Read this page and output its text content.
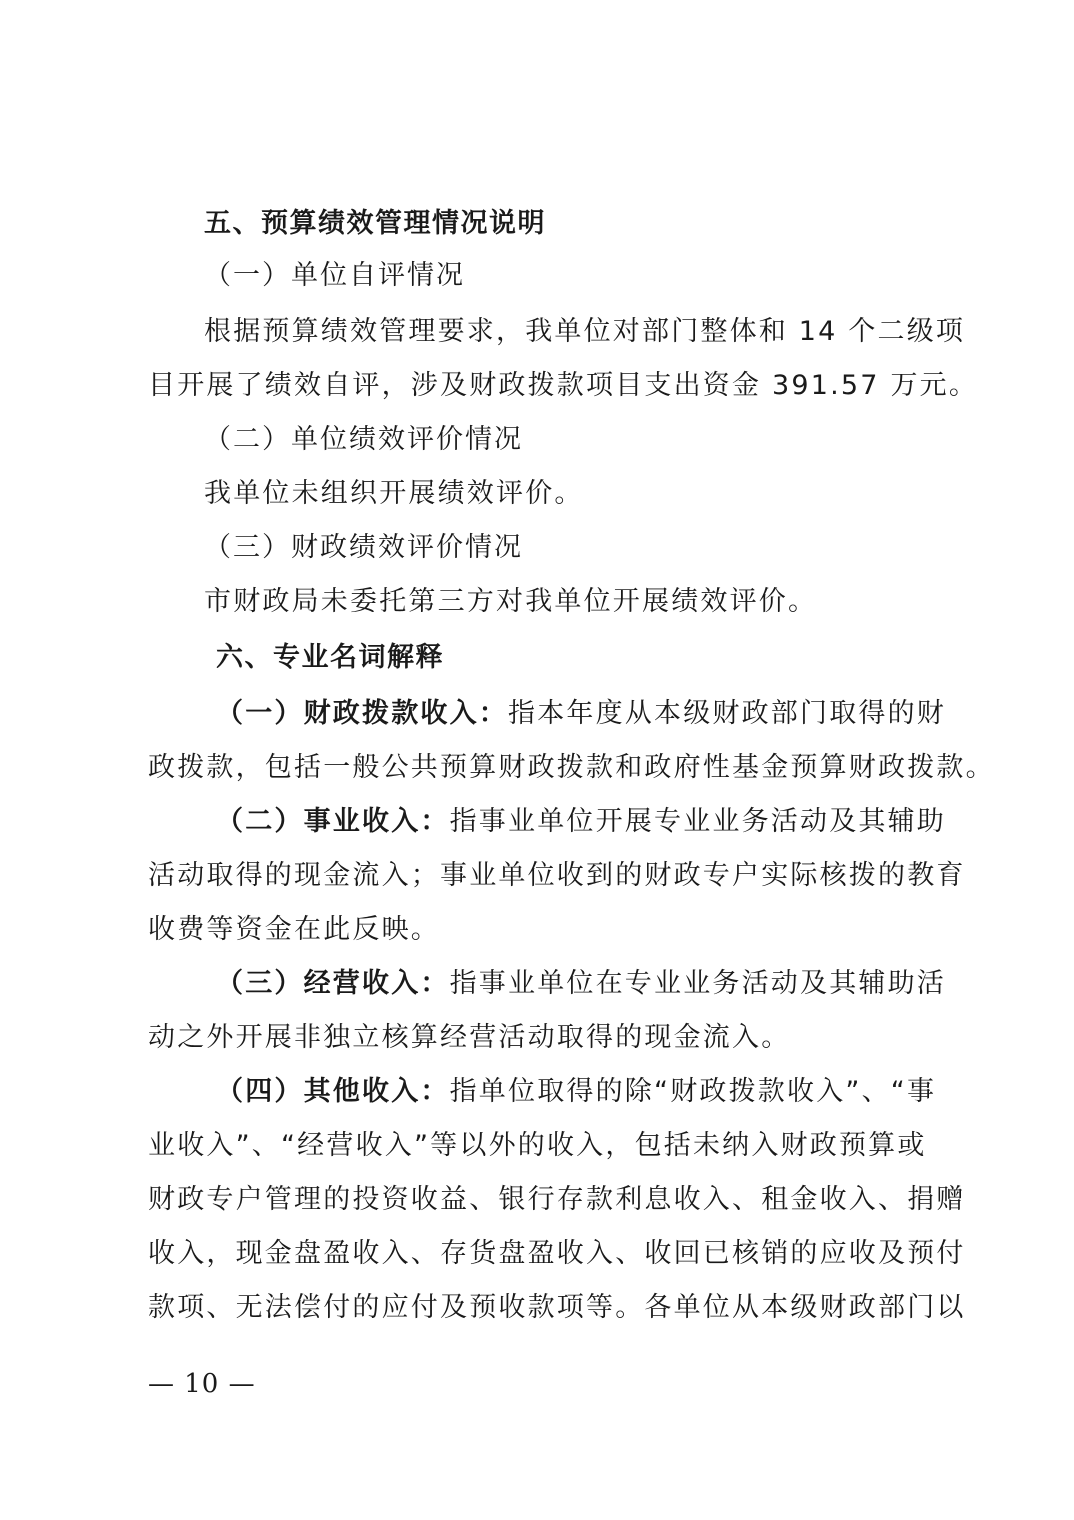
五、预算绩效管理情况说明
（一）单位自评情况
根据预算绩效管理要求，我单位对部门整体和 14 个二级项
目开展了绩效自评，涉及财政拨款项目支出资金 391.57 万元。
（二）单位绩效评价情况
我单位未组织开展绩效评价。
（三）财政绩效评价情况
市财政局未委托第三方对我单位开展绩效评价。
六、专业名词解释
（一）财政拨款收入：指本年度从本级财政部门取得的财
政拨款，包括一般公共预算财政拨款和政府性基金预算财政拨款。
（二）事业收入：指事业单位开展专业业务活动及其辅助
活动取得的现金流入；事业单位收到的财政专户实际核拨的教育
收费等资金在此反映。
（三）经营收入：指事业单位在专业业务活动及其辅助活
动之外开展非独立核算经营活动取得的现金流入。
（四）其他收入：指单位取得的除“财政拨款收入”、“事
业收入”、“经营收入”等以外的收入，包括未纳入财政预算或
财政专户管理的投资收益、银行存款利息收入、租金收入、捐赠
收入，现金盘盈收入、存货盘盈收入、收回已核销的应收及预付
款项、无法偿付的应付及预收款项等。各单位从本级财政部门以
— 10 —
